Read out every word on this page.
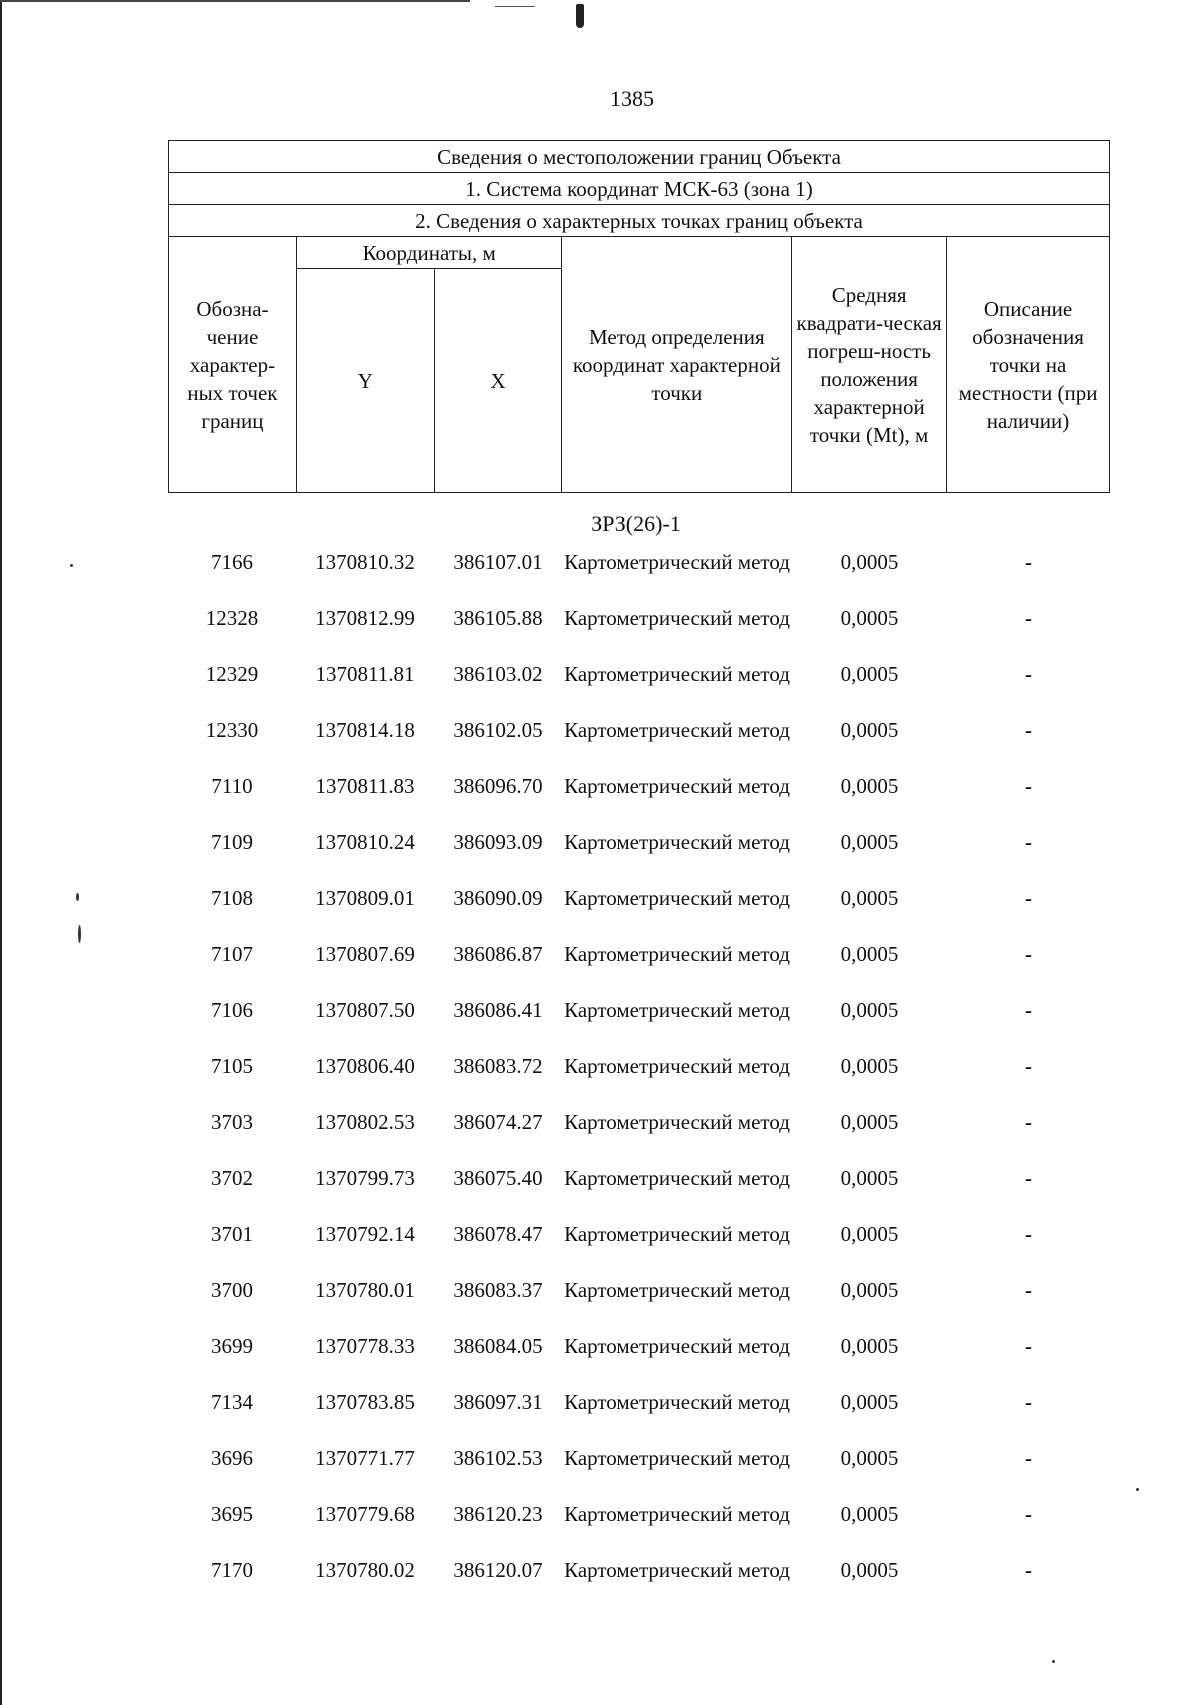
1385
Сведения о местоположении границ Объекта					
1. Система координат МСК-63 (зона 1)					
2. Сведения о характерных точках границ объекта					
Обозна-чение характер-ных точек границ	Координаты, м		Метод определения координат характерной точки	Средняя квадрати-ческая погреш-ность положения характерной точки (Mt), м	Описание обозначения точки на местности (при наличии)
	Y	X			
ЗРЗ(26)-1
7166	1370810.32	386107.01	Картометрический метод	0,0005	-
12328	1370812.99	386105.88	Картометрический метод	0,0005	-
12329	1370811.81	386103.02	Картометрический метод	0,0005	-
12330	1370814.18	386102.05	Картометрический метод	0,0005	-
7110	1370811.83	386096.70	Картометрический метод	0,0005	-
7109	1370810.24	386093.09	Картометрический метод	0,0005	-
7108	1370809.01	386090.09	Картометрический метод	0,0005	-
7107	1370807.69	386086.87	Картометрический метод	0,0005	-
7106	1370807.50	386086.41	Картометрический метод	0,0005	-
7105	1370806.40	386083.72	Картометрический метод	0,0005	-
3703	1370802.53	386074.27	Картометрический метод	0,0005	-
3702	1370799.73	386075.40	Картометрический метод	0,0005	-
3701	1370792.14	386078.47	Картометрический метод	0,0005	-
3700	1370780.01	386083.37	Картометрический метод	0,0005	-
3699	1370778.33	386084.05	Картометрический метод	0,0005	-
7134	1370783.85	386097.31	Картометрический метод	0,0005	-
3696	1370771.77	386102.53	Картометрический метод	0,0005	-
3695	1370779.68	386120.23	Картометрический метод	0,0005	-
7170	1370780.02	386120.07	Картометрический метод	0,0005	-
